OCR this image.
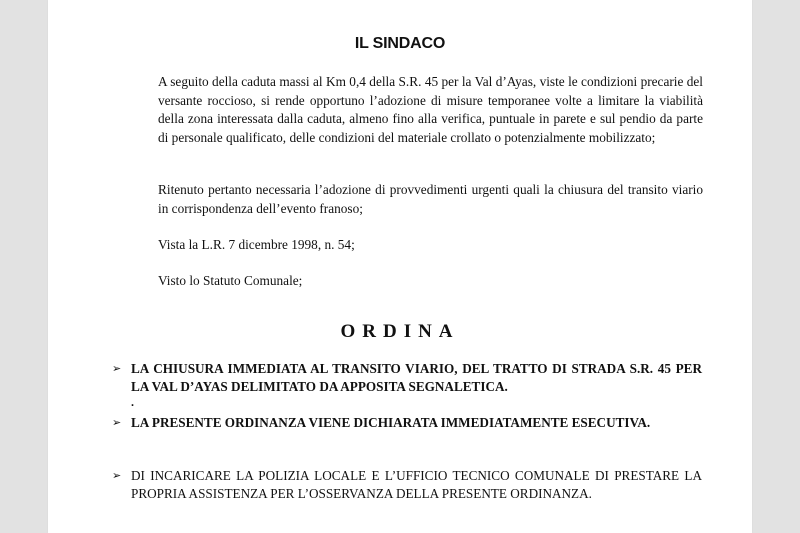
IL SINDACO

A seguito della caduta massi al Km 0,4 della S.R. 45 per la Val d’Ayas, viste le condizioni precarie del versante roccioso, si rende opportuno l’adozione di misure temporanee volte a limitare la viabilità della zona interessata dalla caduta, almeno fino alla verifica, puntuale in parete e sul pendio da parte di personale qualificato, delle condizioni del materiale crollato o potenzialmente mobilizzato;

Ritenuto pertanto necessaria l’adozione di provvedimenti urgenti quali la chiusura del transito viario in corrispondenza dell’evento franoso;

Vista la L.R. 7 dicembre 1998, n. 54;

Visto lo Statuto Comunale;

ORDINA
➢ LA CHIUSURA IMMEDIATA AL TRANSITO VIARIO, DEL TRATTO DI STRADA S.R. 45 PER LA VAL D’AYAS DELIMITATO DA APPOSITA SEGNALETICA.
.
➢ LA PRESENTE ORDINANZA VIENE DICHIARATA IMMEDIATAMENTE ESECUTIVA.
➢ DI INCARICARE LA POLIZIA LOCALE E L’UFFICIO TECNICO COMUNALE DI PRESTARE LA PROPRIA ASSISTENZA PER L’OSSERVANZA DELLA PRESENTE ORDINANZA.
